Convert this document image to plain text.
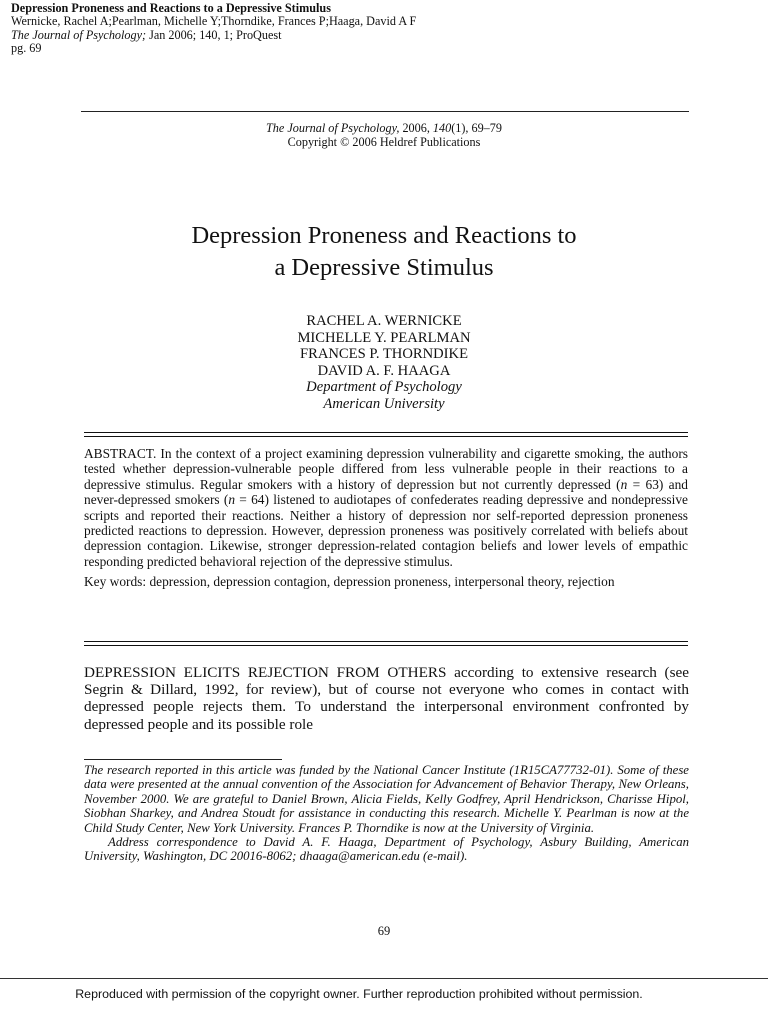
Depression Proneness and Reactions to a Depressive Stimulus
Wernicke, Rachel A;Pearlman, Michelle Y;Thorndike, Frances P;Haaga, David A F
The Journal of Psychology; Jan 2006; 140, 1; ProQuest
pg. 69
The Journal of Psychology, 2006, 140(1), 69–79
Copyright © 2006 Heldref Publications
Depression Proneness and Reactions to
a Depressive Stimulus
RACHEL A. WERNICKE
MICHELLE Y. PEARLMAN
FRANCES P. THORNDIKE
DAVID A. F. HAAGA
Department of Psychology
American University

ABSTRACT. In the context of a project examining depression vulnerability and cigarette smoking, the authors tested whether depression-vulnerable people differed from less vulnerable people in their reactions to a depressive stimulus. Regular smokers with a history of depression but not currently depressed (n = 63) and never-depressed smokers (n = 64) listened to audiotapes of confederates reading depressive and nondepressive scripts and reported their reactions. Neither a history of depression nor self-reported depression proneness predicted reactions to depression. However, depression proneness was positively correlated with beliefs about depression contagion. Likewise, stronger depression-related contagion beliefs and lower levels of empathic responding predicted behavioral rejection of the depressive stimulus.

Key words: depression, depression contagion, depression proneness, interpersonal theory, rejection

DEPRESSION ELICITS REJECTION FROM OTHERS according to extensive research (see Segrin & Dillard, 1992, for review), but of course not everyone who comes in contact with depressed people rejects them. To understand the interpersonal environment confronted by depressed people and its possible role

The research reported in this article was funded by the National Cancer Institute (1R15CA77732-01). Some of these data were presented at the annual convention of the Association for Advancement of Behavior Therapy, New Orleans, November 2000. We are grateful to Daniel Brown, Alicia Fields, Kelly Godfrey, April Hendrickson, Charisse Hipol, Siobhan Sharkey, and Andrea Stoudt for assistance in conducting this research. Michelle Y. Pearlman is now at the Child Study Center, New York University. Frances P. Thorndike is now at the University of Virginia.

Address correspondence to David A. F. Haaga, Department of Psychology, Asbury Building, American University, Washington, DC 20016-8062; dhaaga@american.edu (e-mail).

69
Reproduced with permission of the copyright owner. Further reproduction prohibited without permission.
